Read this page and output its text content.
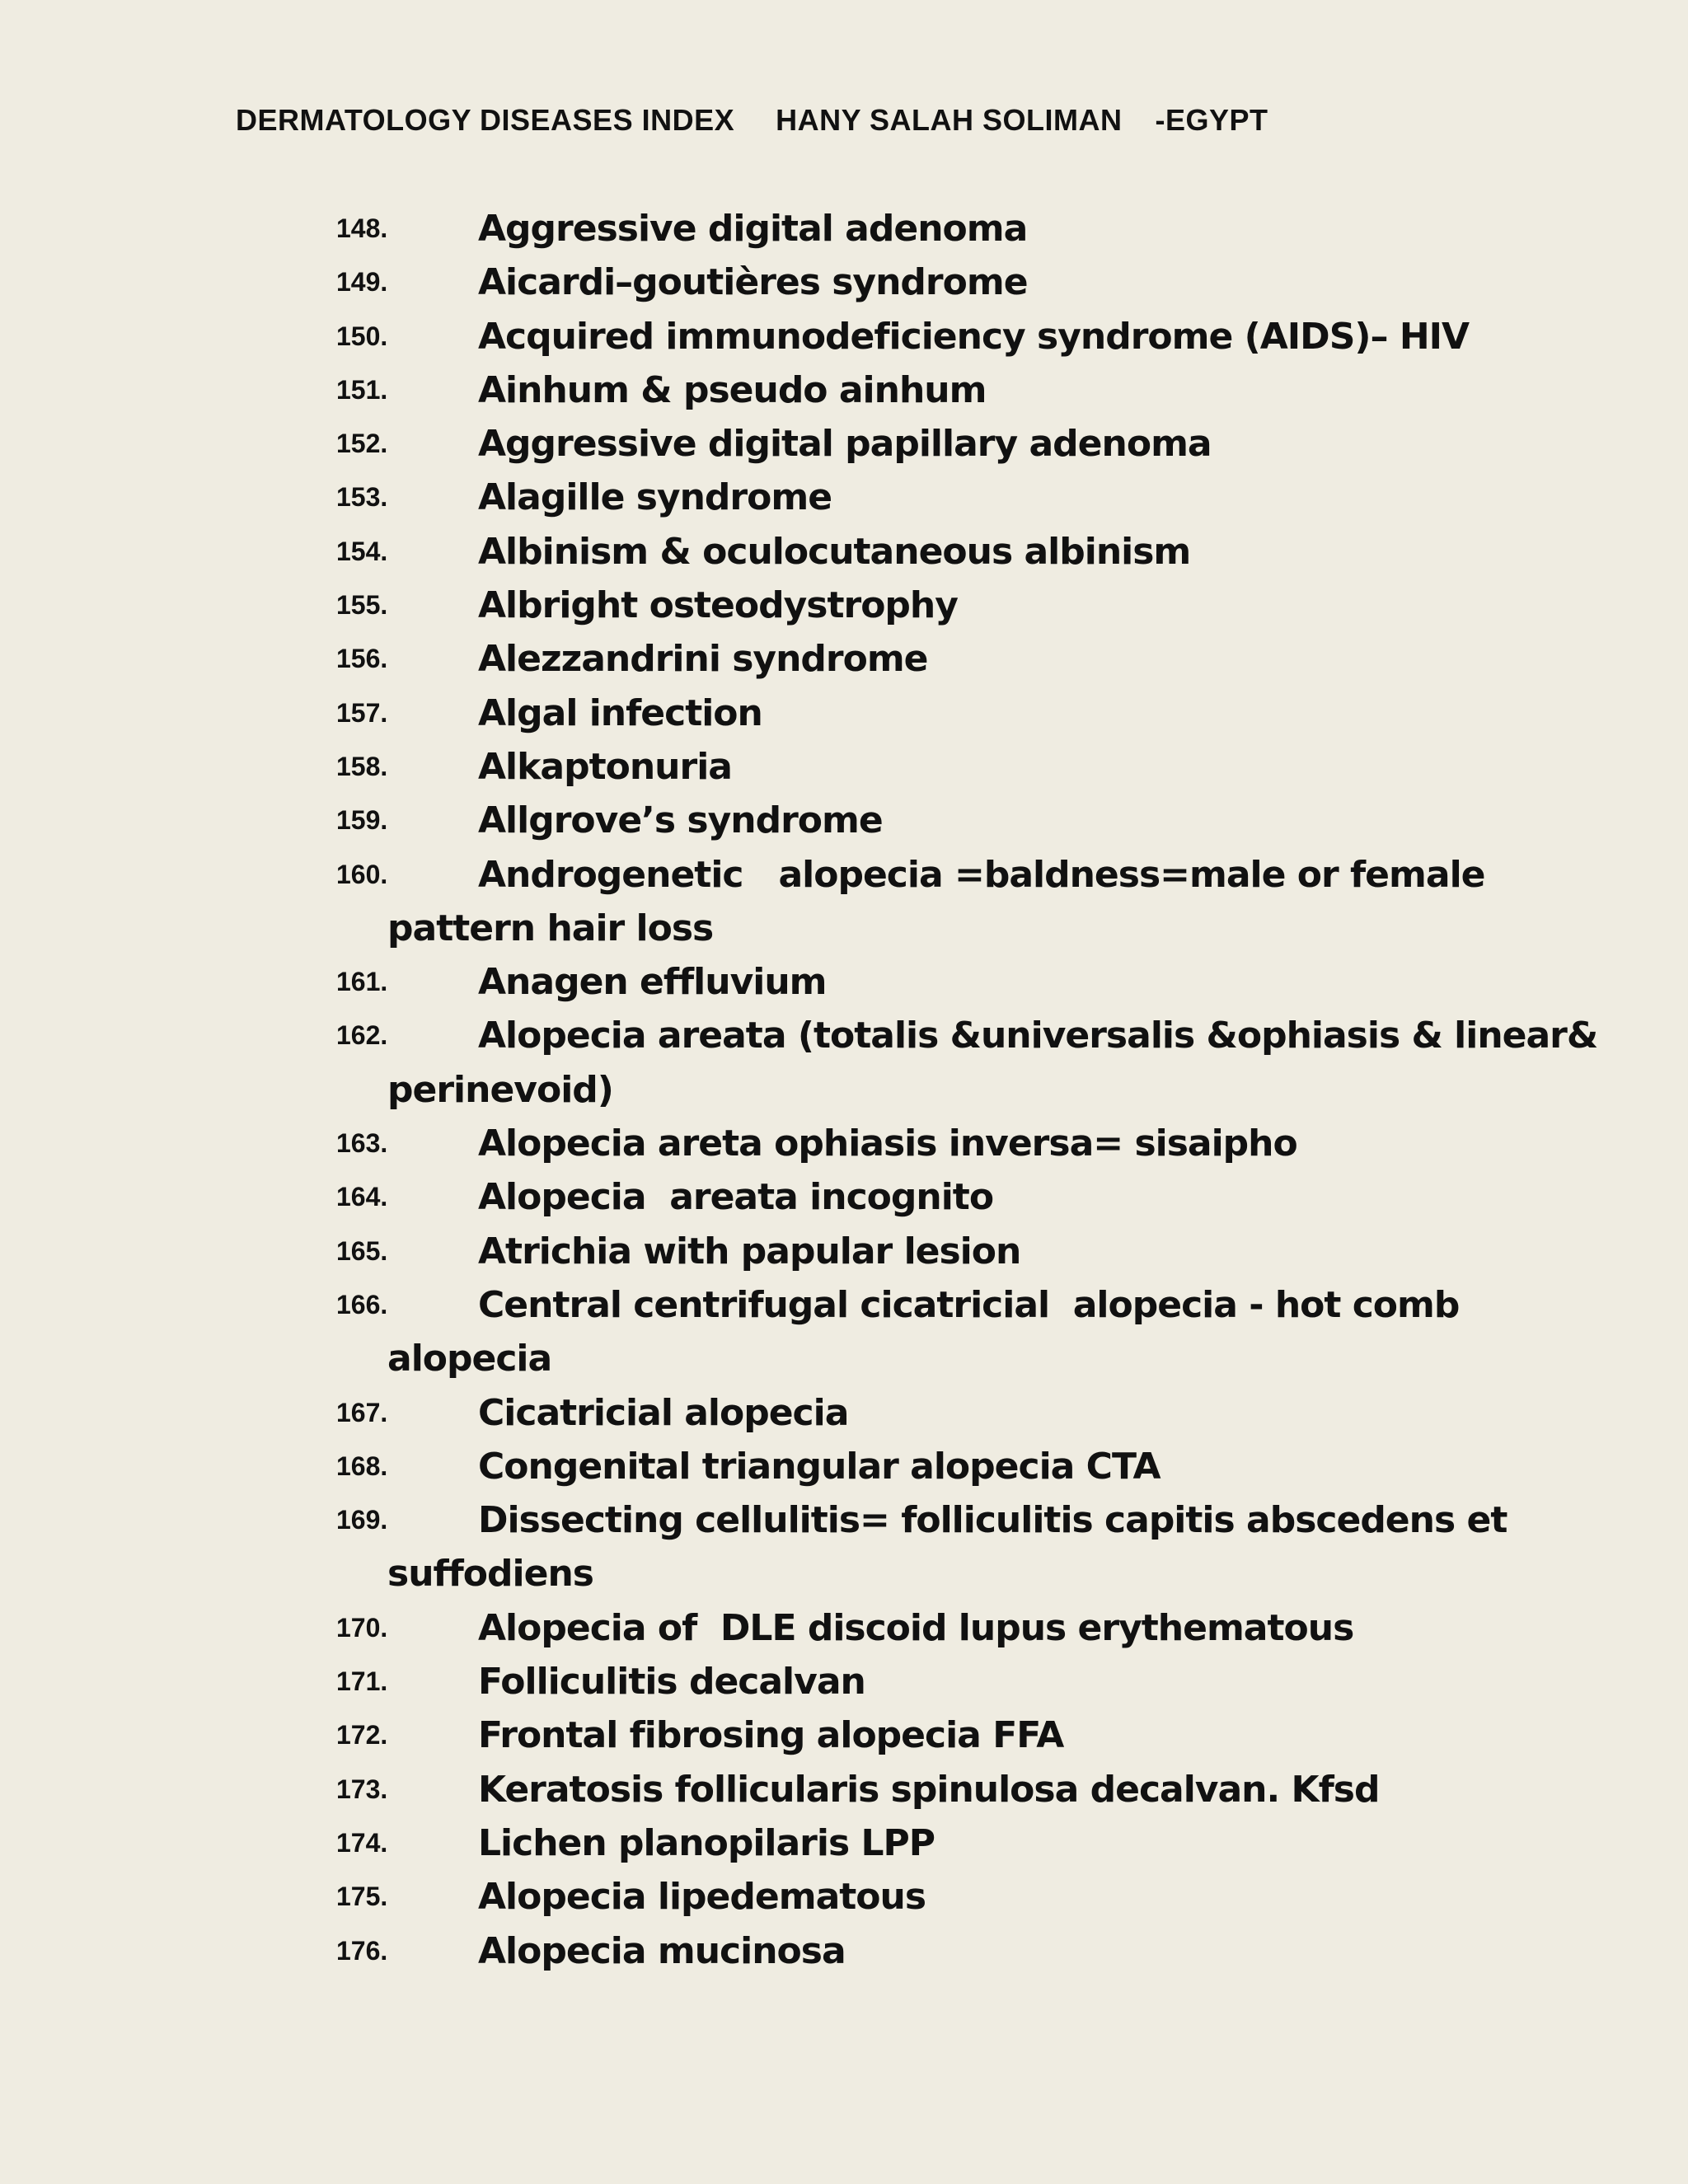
DERMATOLOGY DISEASES INDEX HANY SALAH SOLIMAN -EGYPT
148.	Aggressive digital adenoma
149.	Aicardi–goutières syndrome
150.	Acquired immunodeficiency syndrome (AIDS)– HIV
151.	Ainhum & pseudo ainhum
152.	Aggressive digital papillary adenoma
153.	Alagille syndrome
154.	Albinism & oculocutaneous albinism
155.	Albright osteodystrophy
156.	Alezzandrini syndrome
157.	Algal infection
158.	Alkaptonuria
159.	Allgrove’s syndrome
160.	Androgenetic   alopecia =baldness=male or female
pattern hair loss
161.	Anagen effluvium
162.	Alopecia areata (totalis &universalis &ophiasis & linear&
perinevoid)
163.	Alopecia areta ophiasis inversa= sisaipho
164.	Alopecia  areata incognito
165.	Atrichia with papular lesion
166.	Central centrifugal cicatricial  alopecia - hot comb
alopecia
167.	Cicatricial alopecia
168.	Congenital triangular alopecia CTA
169.	Dissecting cellulitis= folliculitis capitis abscedens et
suffodiens
170.	Alopecia of  DLE discoid lupus erythematous
171.	Folliculitis decalvan
172.	Frontal fibrosing alopecia FFA
173.	Keratosis follicularis spinulosa decalvan. Kfsd
174.	Lichen planopilaris LPP
175.	Alopecia lipedematous
176.	Alopecia mucinosa
